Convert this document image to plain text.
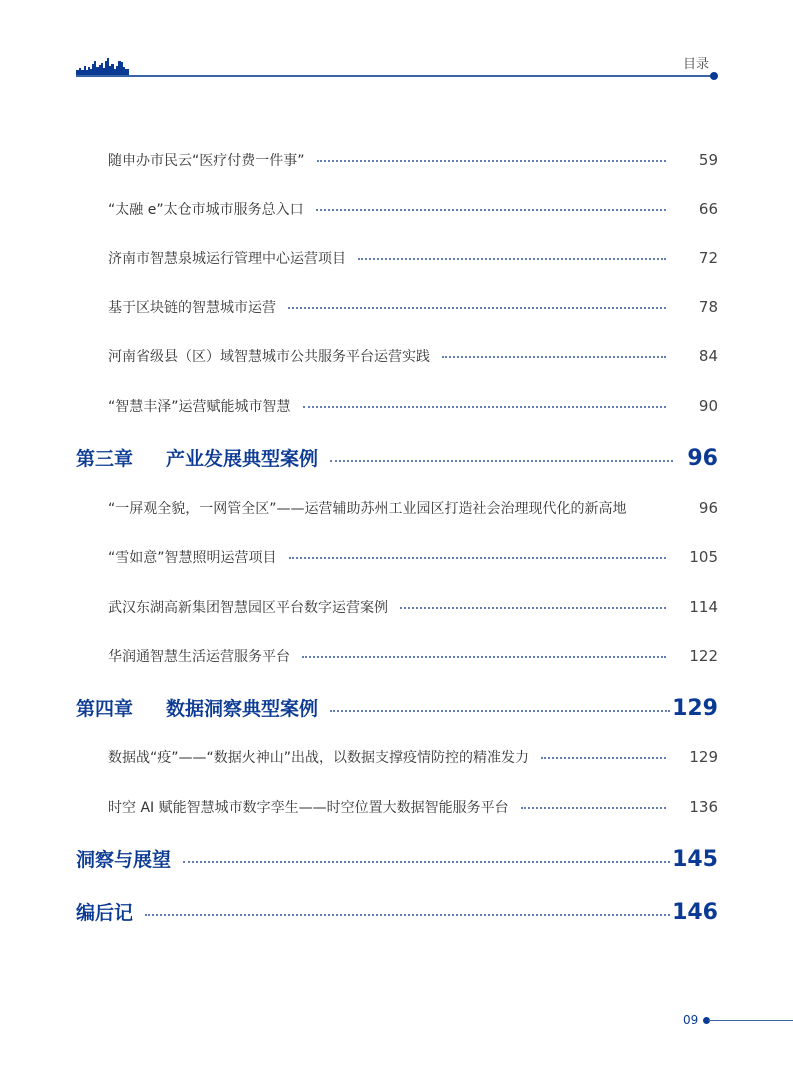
目录
随申办市民云“医疗付费一件事”	59
“太融 e”太仓市城市服务总入口	66
济南市智慧泉城运行管理中心运营项目	72
基于区块链的智慧城市运营	78
河南省级县（区）域智慧城市公共服务平台运营实践	84
“智慧丰泽”运营赋能城市智慧	90
第三章	产业发展典型案例	96
“一屏观全貌，一网管全区”——运营辅助苏州工业园区打造社会治理现代化的新高地	96
“雪如意”智慧照明运营项目	105
武汉东湖高新集团智慧园区平台数字运营案例	114
华润通智慧生活运营服务平台	122
第四章	数据洞察典型案例	129
数据战“疫”——“数据火神山”出战，以数据支撑疫情防控的精准发力	129
时空 AI 赋能智慧城市数字孪生——时空位置大数据智能服务平台	136
洞察与展望	145
编后记	146
09
